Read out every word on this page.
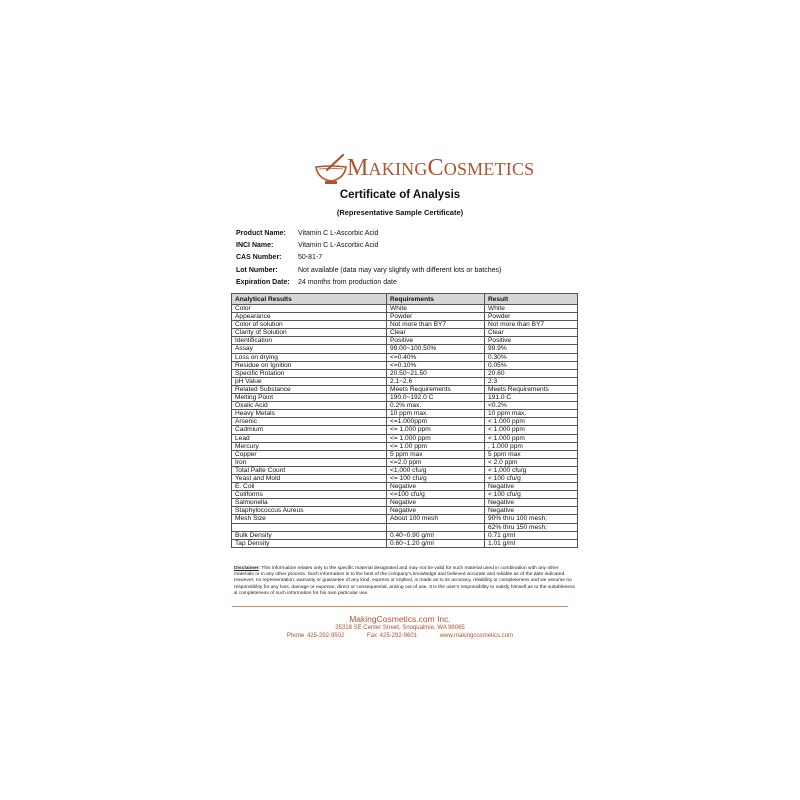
MAKINGCOSMETICS
Certificate of Analysis
(Representative Sample Certificate)
Product Name:	Vitamin C L-Ascorbic Acid
INCI Name:	Vitamin C L-Ascorbic Acid
CAS Number:	50-81-7
Lot Number:	Not available (data may vary slightly with different lots or batches)
Expiration Date:	24 months from production date
Analytical Results	Requirements	Result
Color	White	White
Appearance	Powder	Powder
Color of solution	Not more than BY7	Not more than BY7
Clarity of Solution	Clear	Clear
Identification	Positive	Positive
Assay	99.00~100.50%	99.9%
Loss on drying	<=0.40%	0.30%
Residue on Ignition	<=0.10%	0.05%
Specific Rotation	20.50~21.50	20.60
pH Value	2.1~2.6	2.3
Related Substance	Meets Requirements	Meets Requirements
Melting Point	190.0~192.0 C	191.0 C
Oxalic Acid	0.2% max.	<0.2%
Heavy Metals	10 ppm max.	10 ppm max.
Arsenic	<=1.000ppm	< 1.000 ppm
Cadmium	<= 1.000 ppm	< 1.000 ppm
Lead	<= 1.000 ppm	< 1.000 ppm
Mercury	<= 1.00 ppm	, 1.000 ppm
Copper	5 ppm max	5 ppm max
Iron	<=2.0 ppm	< 2.0 ppm
Total Palte Count	<1,000 cfu/g	< 1,000 cfu/g
Yeast and Mold	<= 100 cfu/g	< 100 cfu/g
E. Coli	Negative	Negative
Coliforms	<=100 cfu/g	< 100 cfu/g
Salmonella	Negative	Negative
Staphylococcus Aureus	Negative	Negative
Mesh Size	About 100 mesh	90% thru 100 mesh;
		62% thru 150 mesh;
Bulk Density	0.40~0.90 g/ml	0.71 g/ml
Tap Density	0.60~1.20 g/ml	1.01 g/ml
Disclaimer: This information relates only to the specific material designated and may not be valid for such material used in combination with any other materials or in any other process. Such information is to the best of the company's knowledge and believed accurate and reliable as of the date indicated. However, no representation, warranty or guarantee of any kind, express or implied, is made as to its accuracy, reliability or completeness and we assume no responsibility for any loss, damage or expense, direct or consequential, arising out of use. It is the user's responsibility to satisfy himself,as to the suitableness & completeness of such information for his own particular use.
MakingCosmetics.com Inc.
35318 SE Center Street, Snoqualmie, WA 98065
Phone 425-292-9502	Fax 425-292-9601	www.makingcosmetics.com
